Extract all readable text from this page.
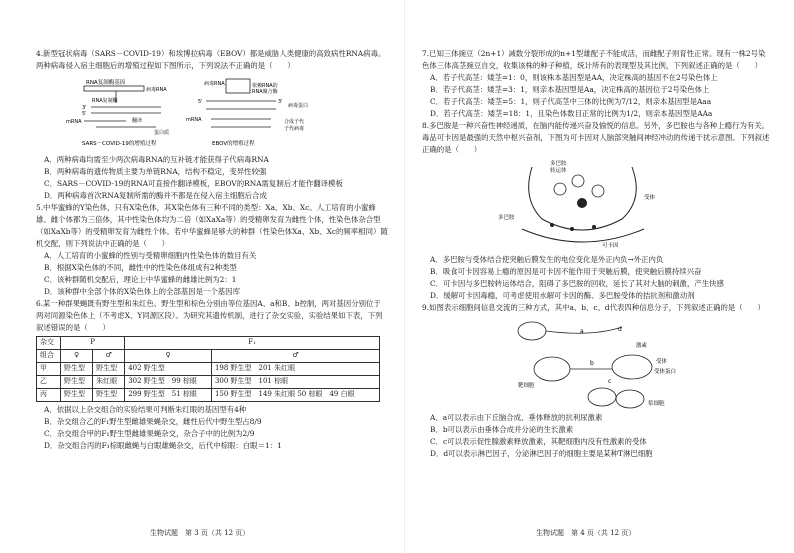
4.新型冠状病毒（SARS－COVID-19）和埃博拉病毒（EBOV）都是威胁人类健康的高致病性RNA病毒。两种病毒侵入宿主细胞后的增殖过程如下图所示，下列说法不正确的是（　　）

RNA复制酶基因
病毒RNA
RNA复制酶
3'
5'
mRNA	翻译
蛋白质
SARS－COVID-19的增殖过程
病毒RNA	依赖RNA的
RNA聚合酶
5'	3'
病毒蛋白
mRNA	合成子代
子代病毒
EBOV的增殖过程

A．两种病毒均需至少两次病毒RNA的互补链才能获得子代病毒RNA

B．两种病毒的遗传物质主要为单链RNA，结构不稳定，变异性较强

C．SARS－COVID-19的RNA可直接作翻译模板，EBOV的RNA需复制后才能作翻译模板

D．两种病毒首次RNA复制所需的酶并不都是在侵入宿主细胞后合成

5.中华蜜蜂的Y染色体，只有X染色体，其X染色体有三种不同的类型：Xa、Xb、Xc。人工培育的小蜜蜂雄、雌个体都为三倍体，其中性染色体均为二倍（如XaXa等）的受精卵发育为雌性个体，性染色体杂合型（如XaXb等）的受精卵发育为雌性个体。若中华蜜蜂是够大的种群（性染色体Xa、Xb、Xc的频率相同）随机交配，则下列说法中正确的是（　　）

A．人工培育的小蜜蜂的性别与受精卵细胞内性染色体的数目有关

B．根据X染色体的不同，雌性中的性染色体组成有2种类型

C．该种群随机交配后，理论上中华蜜蜂的雌雄比例为2：1

D．该种群中全部个体的X染色体上的全部基因是一个基因库

6.某一种群果蝇既有野生型和朱红色、野生型和棕色分别由等位基因A、a和B、b控制，两对基因分别位于两对同源染色体上（不考虑X、Y同源区段）。为研究其遗传机制，进行了杂交实验，实验结果如下表，下列叙述错误的是（　　）

杂交	P		F₁	
组合	♀	♂	♀	♂
甲	野生型	野生型	402 野生型	198 野生型　201 朱红眼
乙	野生型	朱红眼	302 野生型　99 棕眼	300 野生型　101 棕眼
丙	野生型	野生型	299 野生型　51 棕眼	150 野生型　149 朱红眼 50 棕眼　49 白眼

A．依据以上杂交组合的实验结果可判断朱红眼的基因型有4种

B．杂交组合乙的F₁野生型雌雄果蝇杂交，雌性后代中野生型占8/9

C．杂交组合甲的F₁野生型雌雄果蝇杂交，杂合子中的比例为2/9

D．杂交组合丙的F₁棕眼雌蝇与白眼雄蝇杂交，后代中棕眼：白眼＝1：1

生物试题　第 3 页（共 12 页）

7.已知三体豌豆（2n+1）减数分裂形成的n+1型雄配子不能成活，而雌配子则育性正常。现有一株2号染色体三体高茎豌豆自交，收集该株的种子种植，统计所有的表现型及其比例，下列叙述正确的是（　　）

A．若子代高茎：矮茎=1：0，则该株本基因型是AA，决定株高的基因不在2号染色体上

B．若子代高茎：矮茎=3：1，则亲本基因型是Aa，决定株高的基因位于2号染色体上

C．若子代高茎：矮茎=5：1，则子代高茎中三体的比例为7/12，则亲本基因型是Aaa

D．若子代高茎：矮茎=18：1，且染色体数目正常的比例为1/2，则亲本基因型是AAa

8.多巴胺是一种兴奋性神经递质，在脑内能传递兴奋及愉悦的信息。另外，多巴胺也与各种上瘾行为有关。毒品可卡因是最强的天然中枢兴奋剂，下图为可卡因对人脑部突触间神经冲动的传递干扰示意图。下列叙述正确的是（　　）

多巴胺
转运体
受体
多巴胺
可卡因

A．多巴胺与受体结合使突触后膜发生的电位变化是外正内负→外正内负

B．吸食可卡因容易上瘾的原因是可卡因不能作用于突触后膜，使突触后膜持续兴奋

C．可卡因与多巴胺转运体结合，阻碍了多巴胺的回收，延长了其对大脑的刺激，产生快感

D．缓解可卡因毒瘾，可考虑使用水解可卡因的酶、多巴胺受体的拮抗剂和激动剂

9.如图表示细胞间信息交流的三种方式，其中a、b、c、d代表四种信息分子，下列叙述正确的是（　　）

a
b
c
d
激素
靶细胞
受体
受体蛋白
浆细胞

A．a可以表示由下丘脑合成、垂体释放的抗利尿激素

B．b可以表示由垂体合成并分泌的生长激素

C．c可以表示促性腺激素释放激素，其靶细胞内没有性激素的受体

D．d可以表示淋巴因子，分泌淋巴因子的细胞主要是某种T淋巴细胞

生物试题　第 4 页（共 12 页）
